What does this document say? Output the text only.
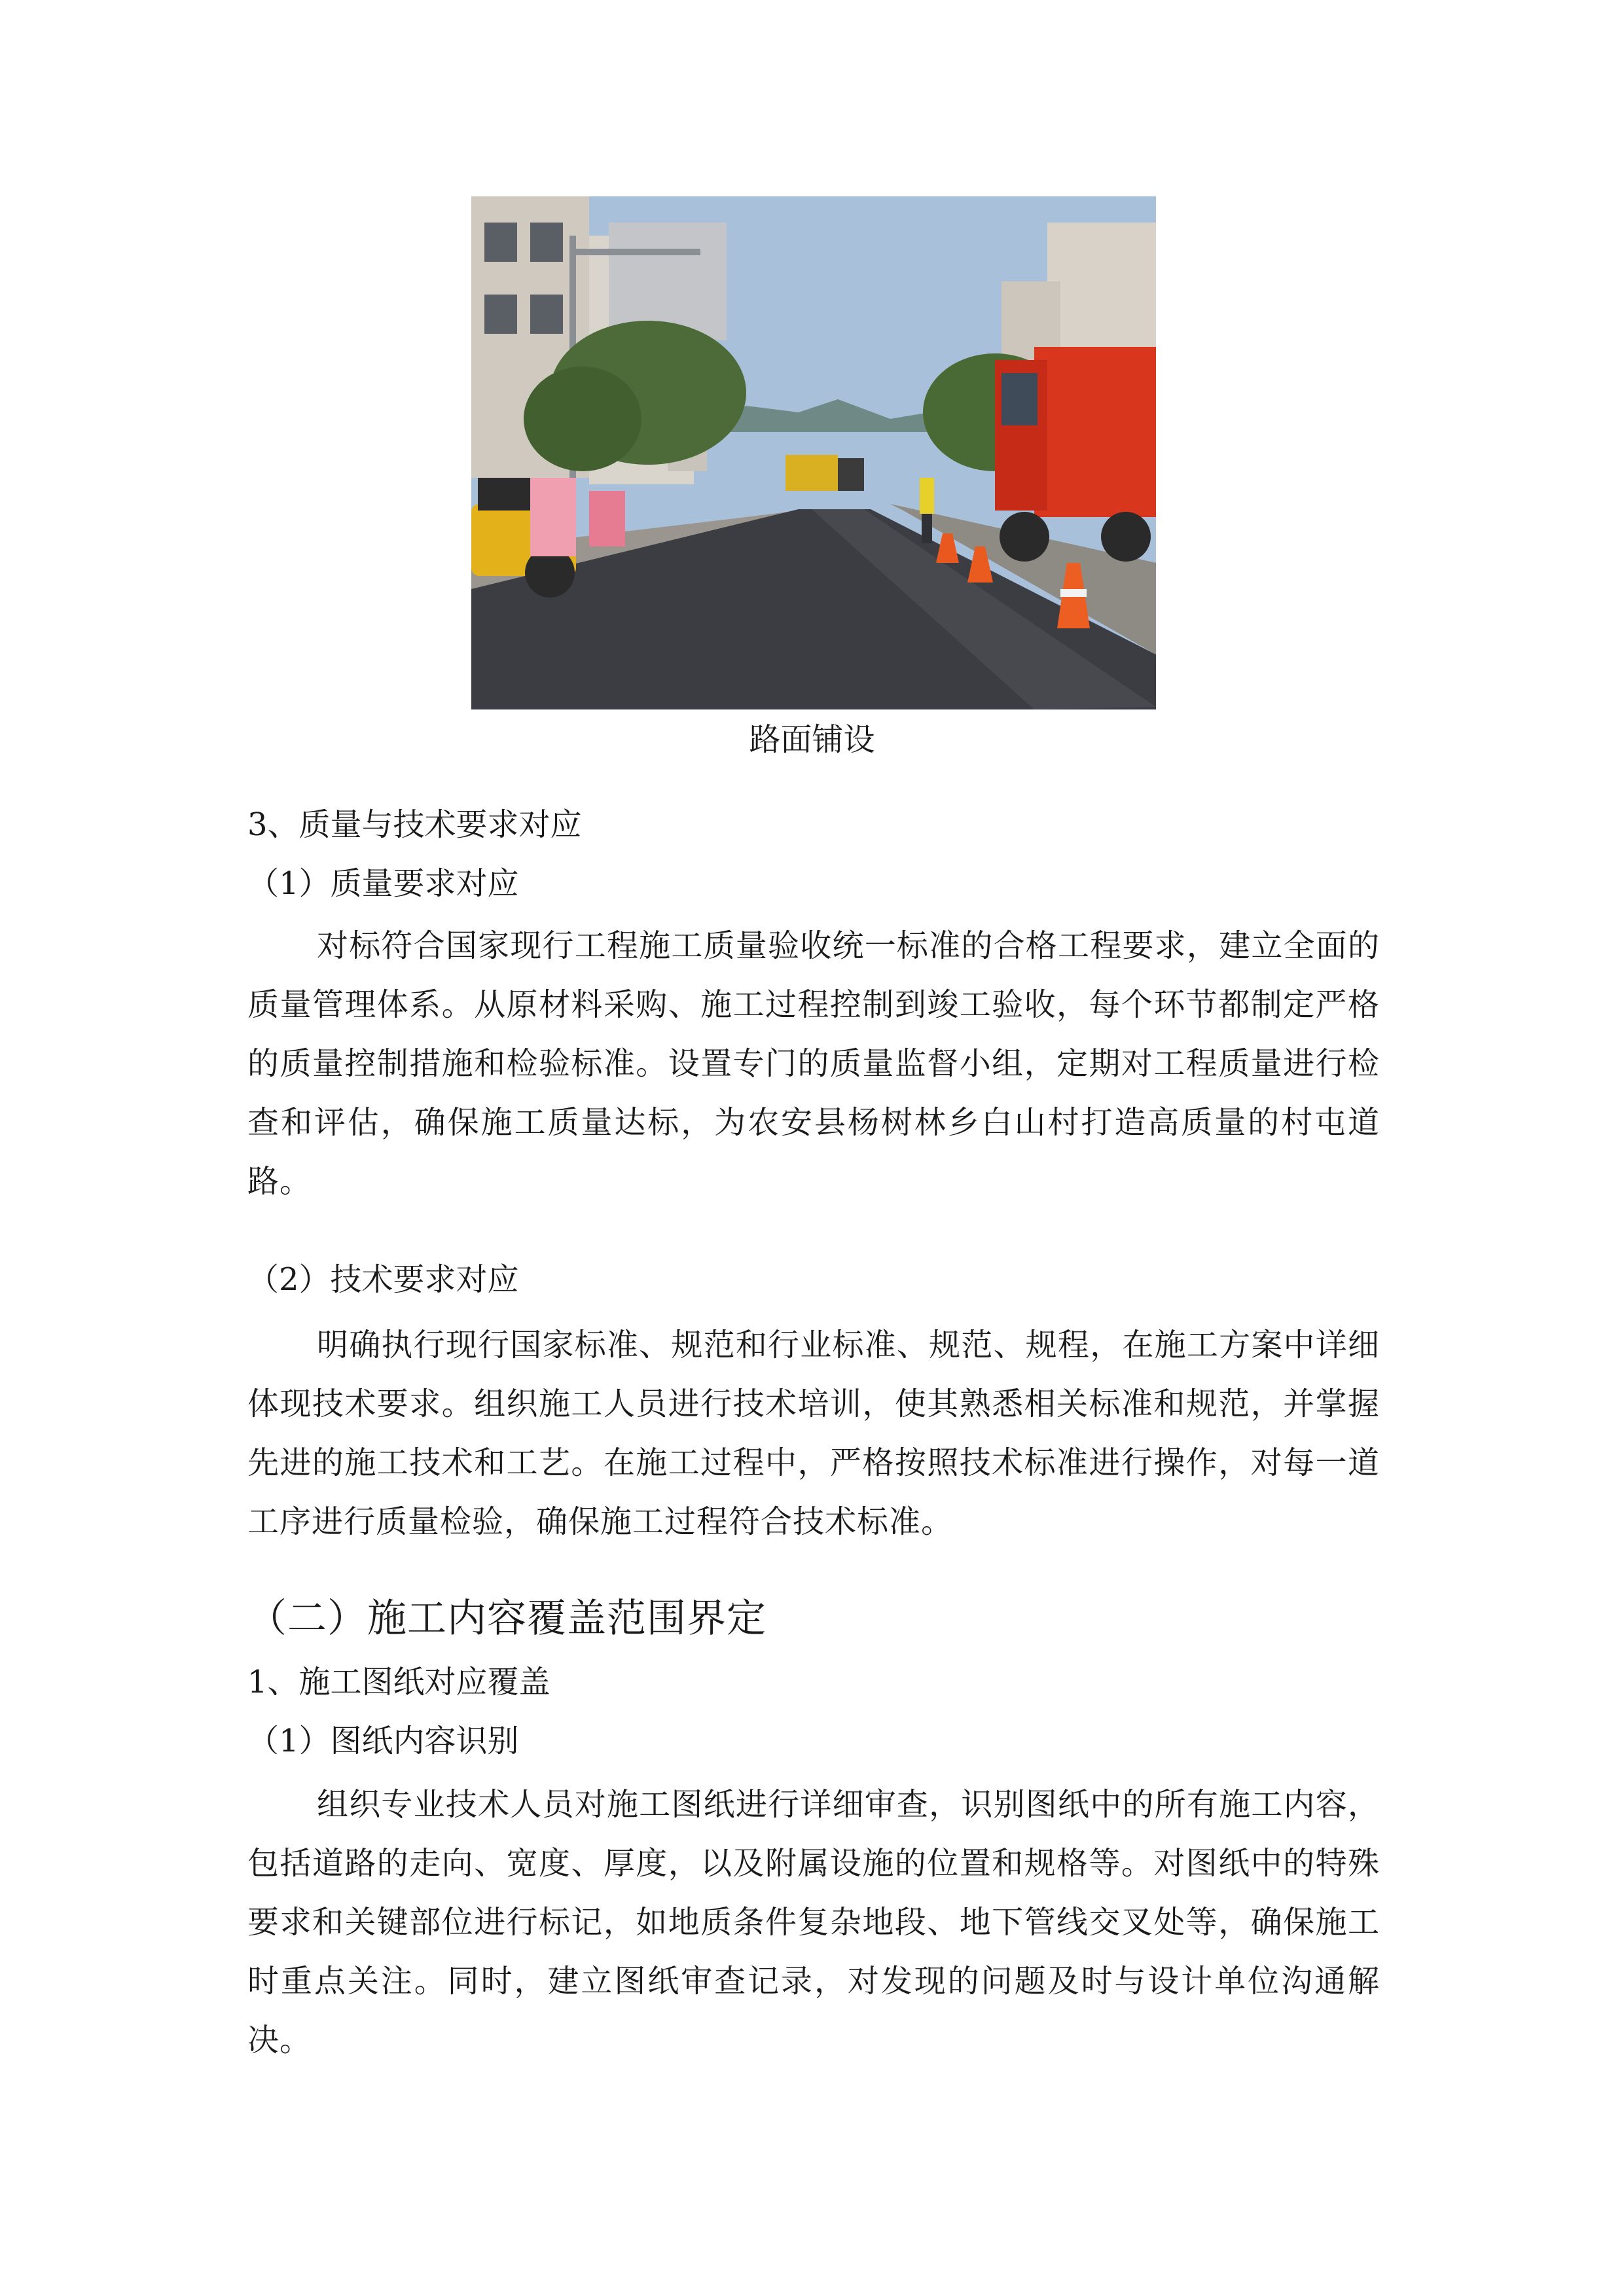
路面铺设
3、质量与技术要求对应
（1）质量要求对应
对标符合国家现行工程施工质量验收统一标准的合格工程要求，建立全面的质量管理体系。从原材料采购、施工过程控制到竣工验收，每个环节都制定严格的质量控制措施和检验标准。设置专门的质量监督小组，定期对工程质量进行检查和评估，确保施工质量达标，为农安县杨树林乡白山村打造高质量的村屯道路。
（2）技术要求对应
明确执行现行国家标准、规范和行业标准、规范、规程，在施工方案中详细体现技术要求。组织施工人员进行技术培训，使其熟悉相关标准和规范，并掌握先进的施工技术和工艺。在施工过程中，严格按照技术标准进行操作，对每一道工序进行质量检验，确保施工过程符合技术标准。
（二）施工内容覆盖范围界定
1、施工图纸对应覆盖
（1）图纸内容识别
组织专业技术人员对施工图纸进行详细审查，识别图纸中的所有施工内容，包括道路的走向、宽度、厚度，以及附属设施的位置和规格等。对图纸中的特殊要求和关键部位进行标记，如地质条件复杂地段、地下管线交叉处等，确保施工时重点关注。同时，建立图纸审查记录，对发现的问题及时与设计单位沟通解决。
